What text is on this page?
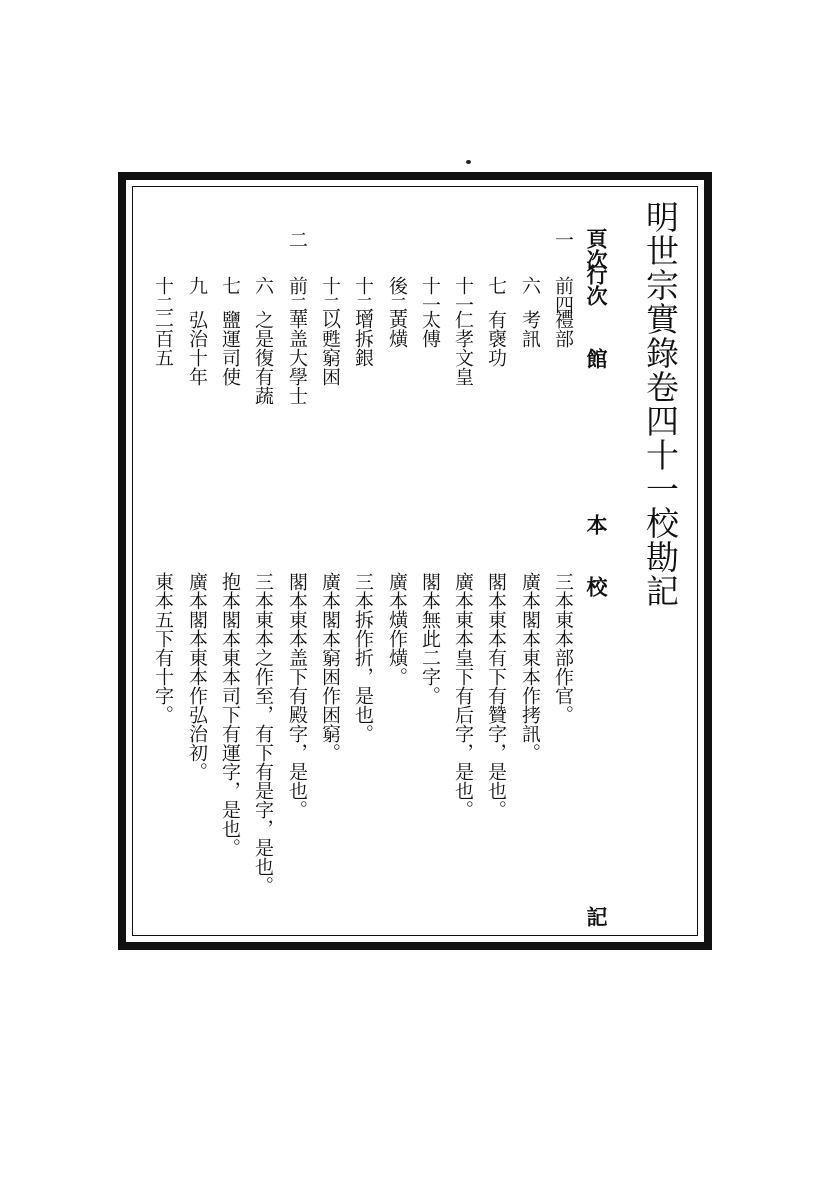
明世宗實錄卷四十一校勘記
頁次
行次
館
本
校
記
一
前四
禮部
三本東本部作官。
六
考訊
廣本閣本東本作拷訊。
七
有襃功
閣本東本有下有贊字，是也。
十一
仁孝文皇
廣本東本皇下有后字，是也。
十一
太傅
閣本無此二字。
後二
黃熿
廣本熿作熿。
十二
增拆銀
三本拆作折，是也。
十二
以甦窮困
廣本閣本窮困作困窮。
二
前二
華盖大學士
閣本東本盖下有殿字，是也。
六
之是復有蔬
三本東本之作至，有下有是字，是也。
七
鹽運司使
抱本閣本東本司下有運字，是也。
九
弘治十年
廣本閣本東本作弘治初。
十二
二百五
東本五下有十字。
